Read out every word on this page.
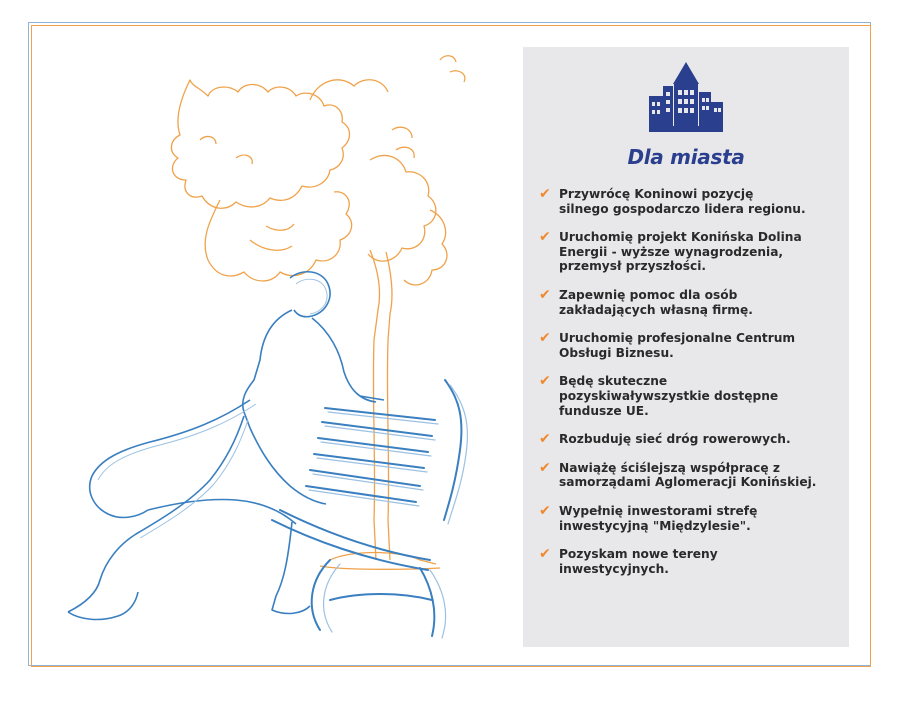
Dla miasta
✔ Przywrócę Koninowi pozycję
silnego gospodarczo lidera regionu.
✔ Uruchomię projekt Konińska Dolina
Energii - wyższe wynagrodzenia,
przemysł przyszłości.
✔ Zapewnię pomoc dla osób
zakładających własną firmę.
✔ Uruchomię profesjonalne Centrum
Obsługi Biznesu.
✔ Będę skuteczne
pozyskiwaływszystkie dostępne
fundusze UE.
✔ Rozbuduję sieć dróg rowerowych.
✔ Nawiążę ściślejszą współpracę z
samorządami Aglomeracji Konińskiej.
✔ Wypełnię inwestorami strefę
inwestycyjną "Międzylesie".
✔ Pozyskam nowe tereny
inwestycyjnych.
